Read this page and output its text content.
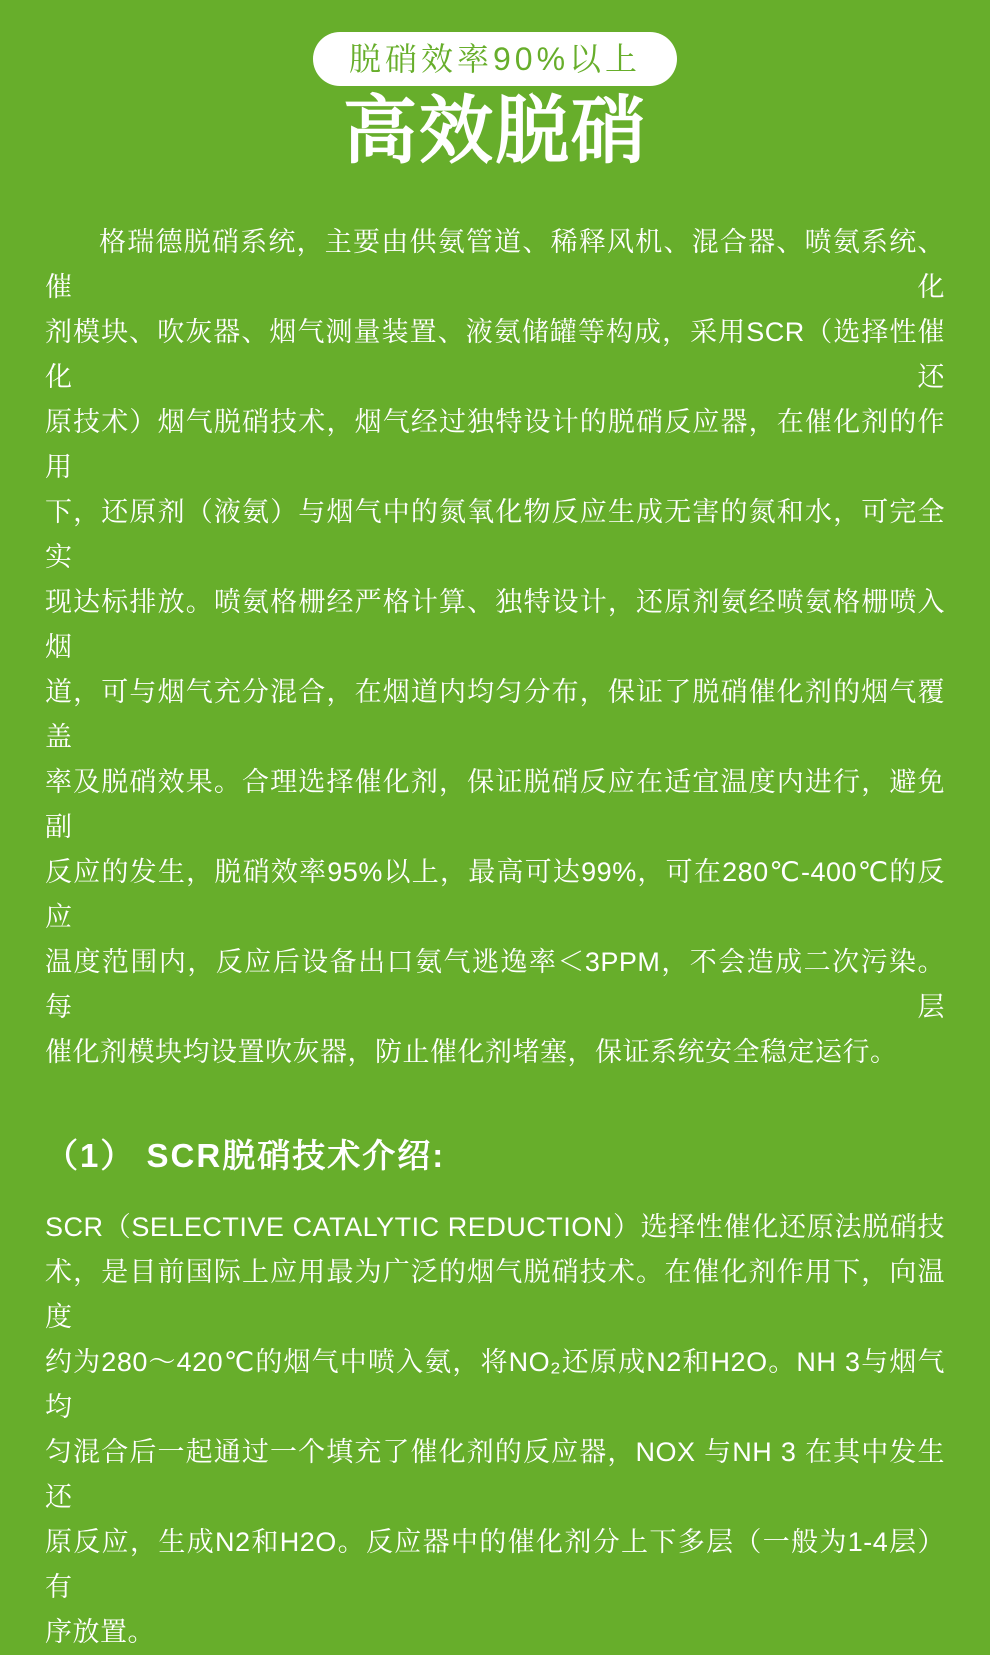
脱硝效率90%以上
高效脱硝
格瑞德脱硝系统，主要由供氨管道、稀释风机、混合器、喷氨系统、催化
剂模块、吹灰器、烟气测量装置、液氨储罐等构成，采用SCR（选择性催化还
原技术）烟气脱硝技术，烟气经过独特设计的脱硝反应器，在催化剂的作用
下，还原剂（液氨）与烟气中的氮氧化物反应生成无害的氮和水，可完全实
现达标排放。喷氨格栅经严格计算、独特设计，还原剂氨经喷氨格栅喷入烟
道，可与烟气充分混合，在烟道内均匀分布，保证了脱硝催化剂的烟气覆盖
率及脱硝效果。合理选择催化剂，保证脱硝反应在适宜温度内进行，避免副
反应的发生，脱硝效率95%以上，最高可达99%，可在280℃-400℃的反应
温度范围内，反应后设备出口氨气逃逸率＜3PPM，不会造成二次污染。每层
催化剂模块均设置吹灰器，防止催化剂堵塞，保证系统安全稳定运行。
（1） SCR脱硝技术介绍:
SCR（SELECTIVE CATALYTIC REDUCTION）选择性催化还原法脱硝技
术，是目前国际上应用最为广泛的烟气脱硝技术。在催化剂作用下，向温度
约为280～420℃的烟气中喷入氨，将NO₂还原成N2和H2O。NH 3与烟气均
匀混合后一起通过一个填充了催化剂的反应器，NOX 与NH 3 在其中发生还
原反应，生成N2和H2O。反应器中的催化剂分上下多层（一般为1-4层）有
序放置。
